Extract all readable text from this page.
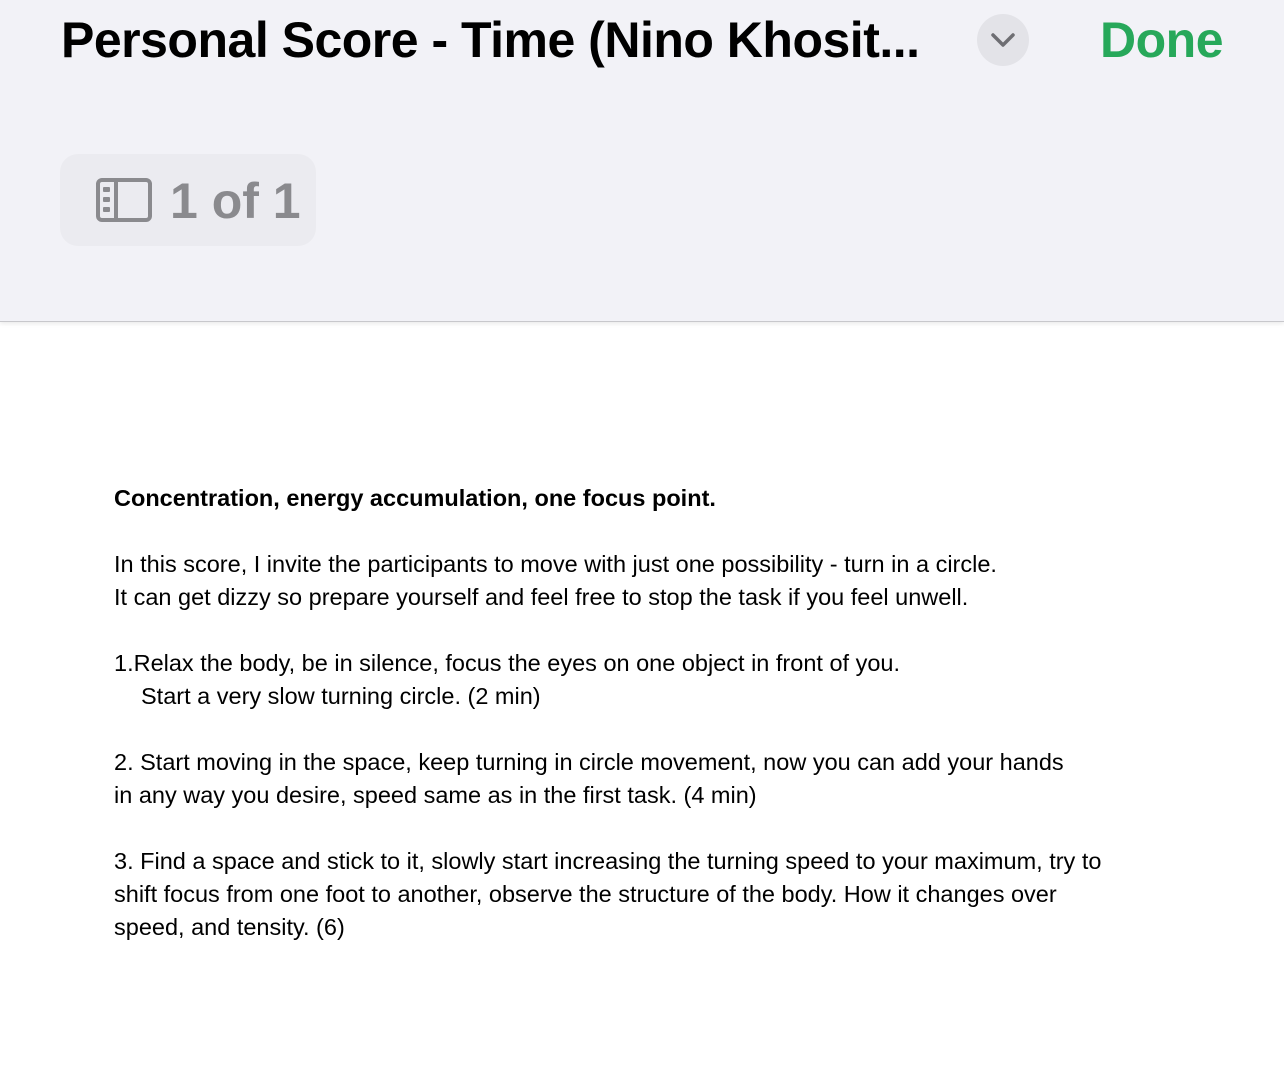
Personal Score - Time (Nino Khosit...	Done
1 of 1

Concentration, energy accumulation, one focus point.

In this score, I invite the participants to move with just one possibility - turn in a circle.

It can get dizzy so prepare yourself and feel free to stop the task if you feel unwell.

1.Relax the body, be in silence, focus the eyes on one object in front of you.

Start a very slow turning circle. (2 min)

2. Start moving in the space, keep turning in circle movement, now you can add your hands

in any way you desire, speed same as in the first task. (4 min)

3. Find a space and stick to it, slowly start increasing the turning speed to your maximum, try to

shift focus from one foot to another, observe the structure of the body. How it changes over

speed, and tensity. (6)
